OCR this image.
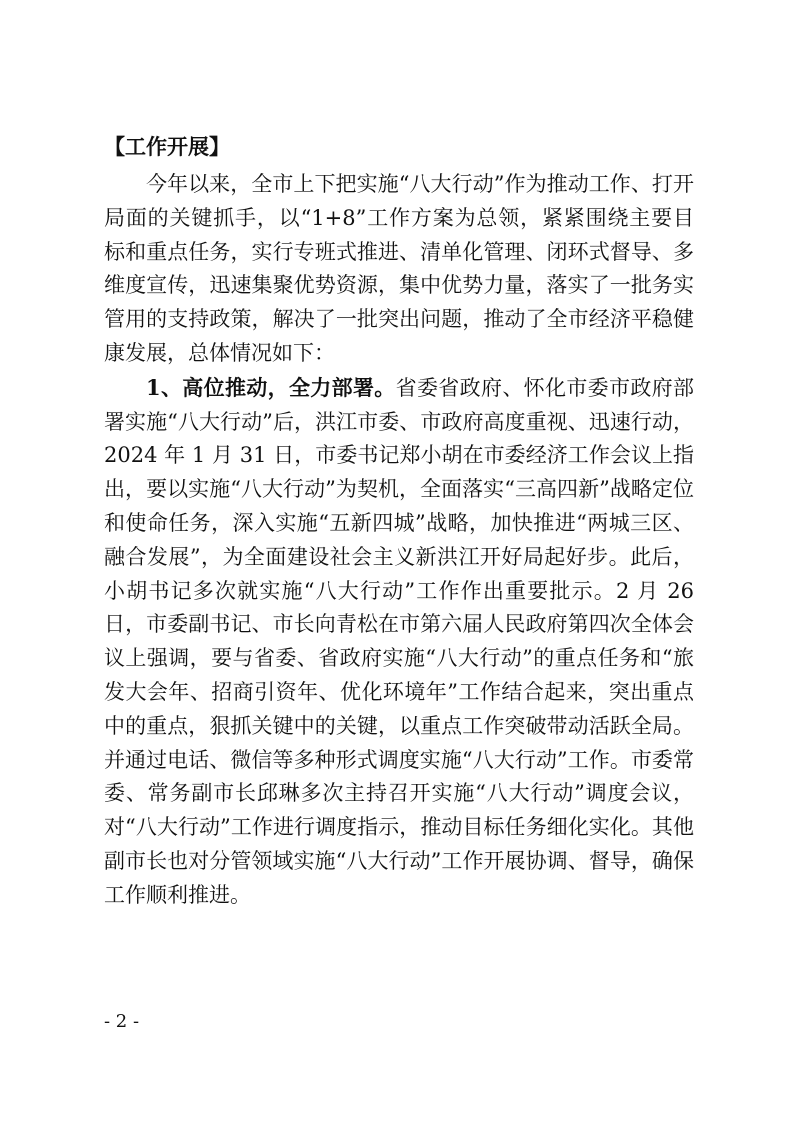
【工作开展】

今年以来，全市上下把实施“八大行动”作为推动工作、打开局面的关键抓手，以“1+8”工作方案为总领，紧紧围绕主要目标和重点任务，实行专班式推进、清单化管理、闭环式督导、多维度宣传，迅速集聚优势资源，集中优势力量，落实了一批务实管用的支持政策，解决了一批突出问题，推动了全市经济平稳健康发展，总体情况如下：

1、高位推动，全力部署。省委省政府、怀化市委市政府部署实施“八大行动”后，洪江市委、市政府高度重视、迅速行动，2024 年 1 月 31 日，市委书记郑小胡在市委经济工作会议上指出，要以实施“八大行动”为契机，全面落实“三高四新”战略定位和使命任务，深入实施“五新四城”战略，加快推进“两城三区、融合发展”，为全面建设社会主义新洪江开好局起好步。此后，小胡书记多次就实施“八大行动”工作作出重要批示。2 月 26 日，市委副书记、市长向青松在市第六届人民政府第四次全体会议上强调，要与省委、省政府实施“八大行动”的重点任务和“旅发大会年、招商引资年、优化环境年”工作结合起来，突出重点中的重点，狠抓关键中的关键，以重点工作突破带动活跃全局。并通过电话、微信等多种形式调度实施“八大行动”工作。市委常委、常务副市长邱琳多次主持召开实施“八大行动”调度会议，对“八大行动”工作进行调度指示，推动目标任务细化实化。其他副市长也对分管领域实施“八大行动”工作开展协调、督导，确保工作顺利推进。

- 2 -
